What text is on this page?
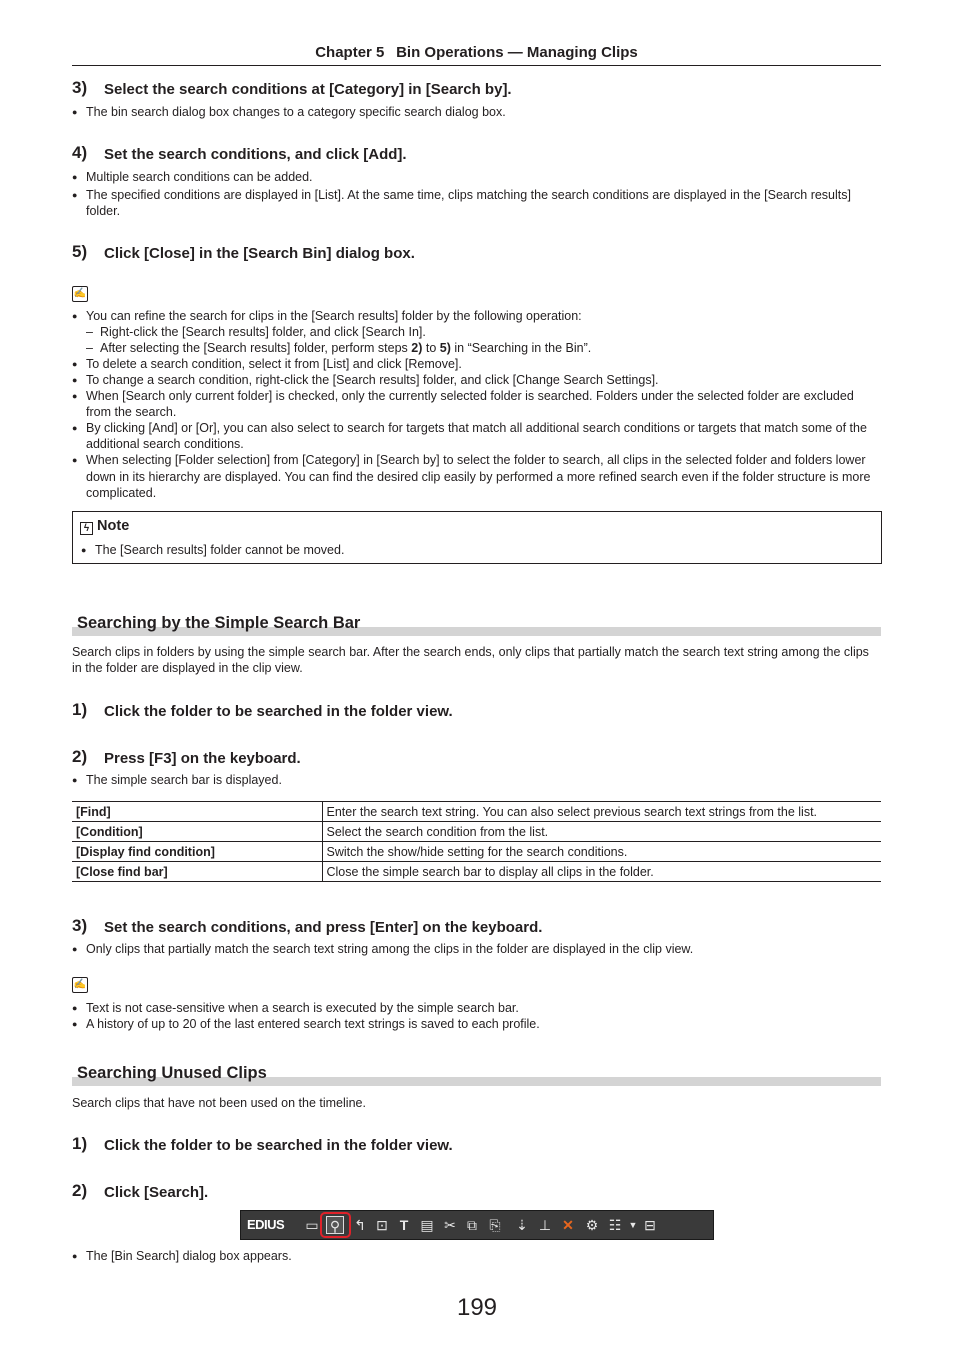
Chapter 5  Bin Operations — Managing Clips
3) Select the search conditions at [Category] in [Search by].
● The bin search dialog box changes to a category specific search dialog box.
4) Set the search conditions, and click [Add].
● Multiple search conditions can be added.
● The specified conditions are displayed in [List]. At the same time, clips matching the search conditions are displayed in the [Search results] folder.
5) Click [Close] in the [Search Bin] dialog box.
✍
● You can refine the search for clips in the [Search results] folder by the following operation:
– Right-click the [Search results] folder, and click [Search In].
– After selecting the [Search results] folder, perform steps 2) to 5) in “Searching in the Bin”.
● To delete a search condition, select it from [List] and click [Remove].
● To change a search condition, right-click the [Search results] folder, and click [Change Search Settings].
● When [Search only current folder] is checked, only the currently selected folder is searched. Folders under the selected folder are excluded from the search.
● By clicking [And] or [Or], you can also select to search for targets that match all additional search conditions or targets that match some of the additional search conditions.
● When selecting [Folder selection] from [Category] in [Search by] to select the folder to search, all clips in the selected folder and folders lower down in its hierarchy are displayed. You can find the desired clip easily by performed a more refined search even if the folder structure is more complicated.
ϟ Note
● The [Search results] folder cannot be moved.
Searching by the Simple Search Bar
Search clips in folders by using the simple search bar. After the search ends, only clips that partially match the search text string among the clips in the folder are displayed in the clip view.
1) Click the folder to be searched in the folder view.
2) Press [F3] on the keyboard.
● The simple search bar is displayed.
[Find]	Enter the search text string. You can also select previous search text strings from the list.
[Condition]	Select the search condition from the list.
[Display find condition]	Switch the show/hide setting for the search conditions.
[Close find bar]	Close the simple search bar to display all clips in the folder.
3) Set the search conditions, and press [Enter] on the keyboard.
● Only clips that partially match the search text string among the clips in the folder are displayed in the clip view.
✍
● Text is not case-sensitive when a search is executed by the simple search bar.
● A history of up to 20 of the last entered search text strings is saved to each profile.
Searching Unused Clips
Search clips that have not been used on the timeline.
1) Click the folder to be searched in the folder view.
2) Click [Search].
EDIUS ▭ ⚲ ↰ ⊡ T ▤ ✂ ⧉ ⎘ ⇣ ⊥ ✕ ⚙ ☷ ▼ ⊟
● The [Bin Search] dialog box appears.
199
